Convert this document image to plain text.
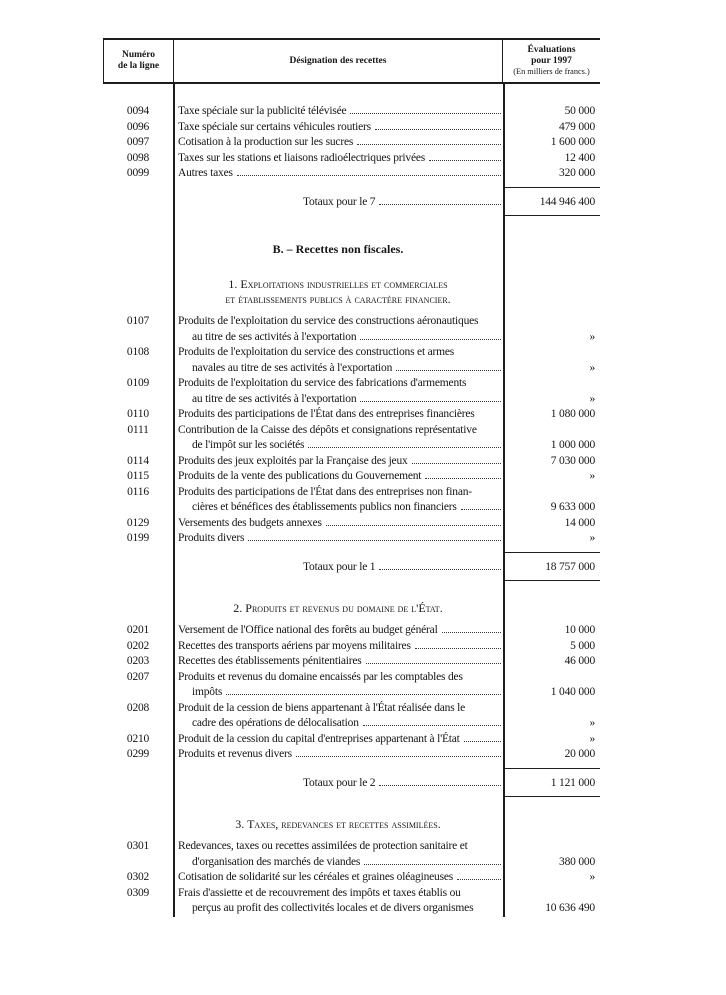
Numéro
de la ligne
Désignation des recettes
Évaluations
pour 1997
(En milliers de francs.)
0094	Taxe spéciale sur la publicité télévisée	50 000
0096	Taxe spéciale sur certains véhicules routiers	479 000
0097	Cotisation à la production sur les sucres	1 600 000
0098	Taxes sur les stations et liaisons radioélectriques privées	12 400
0099	Autres taxes	320 000
Totaux pour le 7	144 946 400
B. – Recettes non fiscales.
1. Exploitations industrielles et commerciales
et établissements publics à caractère financier.
0107	Produits de l'exploitation du service des constructions aéronautiques
au titre de ses activités à l'exportation	»
0108	Produits de l'exploitation du service des constructions et armes
navales au titre de ses activités à l'exportation	»
0109	Produits de l'exploitation du service des fabrications d'armements
au titre de ses activités à l'exportation	»
0110	Produits des participations de l'État dans des entreprises financières	1 080 000
0111	Contribution de la Caisse des dépôts et consignations représentative
de l'impôt sur les sociétés	1 000 000
0114	Produits des jeux exploités par la Française des jeux	7 030 000
0115	Produits de la vente des publications du Gouvernement	»
0116	Produits des participations de l'État dans des entreprises non finan-
cières et bénéfices des établissements publics non financiers	9 633 000
0129	Versements des budgets annexes	14 000
0199	Produits divers	»
Totaux pour le 1	18 757 000
2. Produits et revenus du domaine de l'État.
0201	Versement de l'Office national des forêts au budget général	10 000
0202	Recettes des transports aériens par moyens militaires	5 000
0203	Recettes des établissements pénitentiaires	46 000
0207	Produits et revenus du domaine encaissés par les comptables des
impôts	1 040 000
0208	Produit de la cession de biens appartenant à l'État réalisée dans le
cadre des opérations de délocalisation	»
0210	Produit de la cession du capital d'entreprises appartenant à l'État	»
0299	Produits et revenus divers	20 000
Totaux pour le 2	1 121 000
3. Taxes, redevances et recettes assimilées.
0301	Redevances, taxes ou recettes assimilées de protection sanitaire et
d'organisation des marchés de viandes	380 000
0302	Cotisation de solidarité sur les céréales et graines oléagineuses	»
0309	Frais d'assiette et de recouvrement des impôts et taxes établis ou
perçus au profit des collectivités locales et de divers organismes	10 636 490
